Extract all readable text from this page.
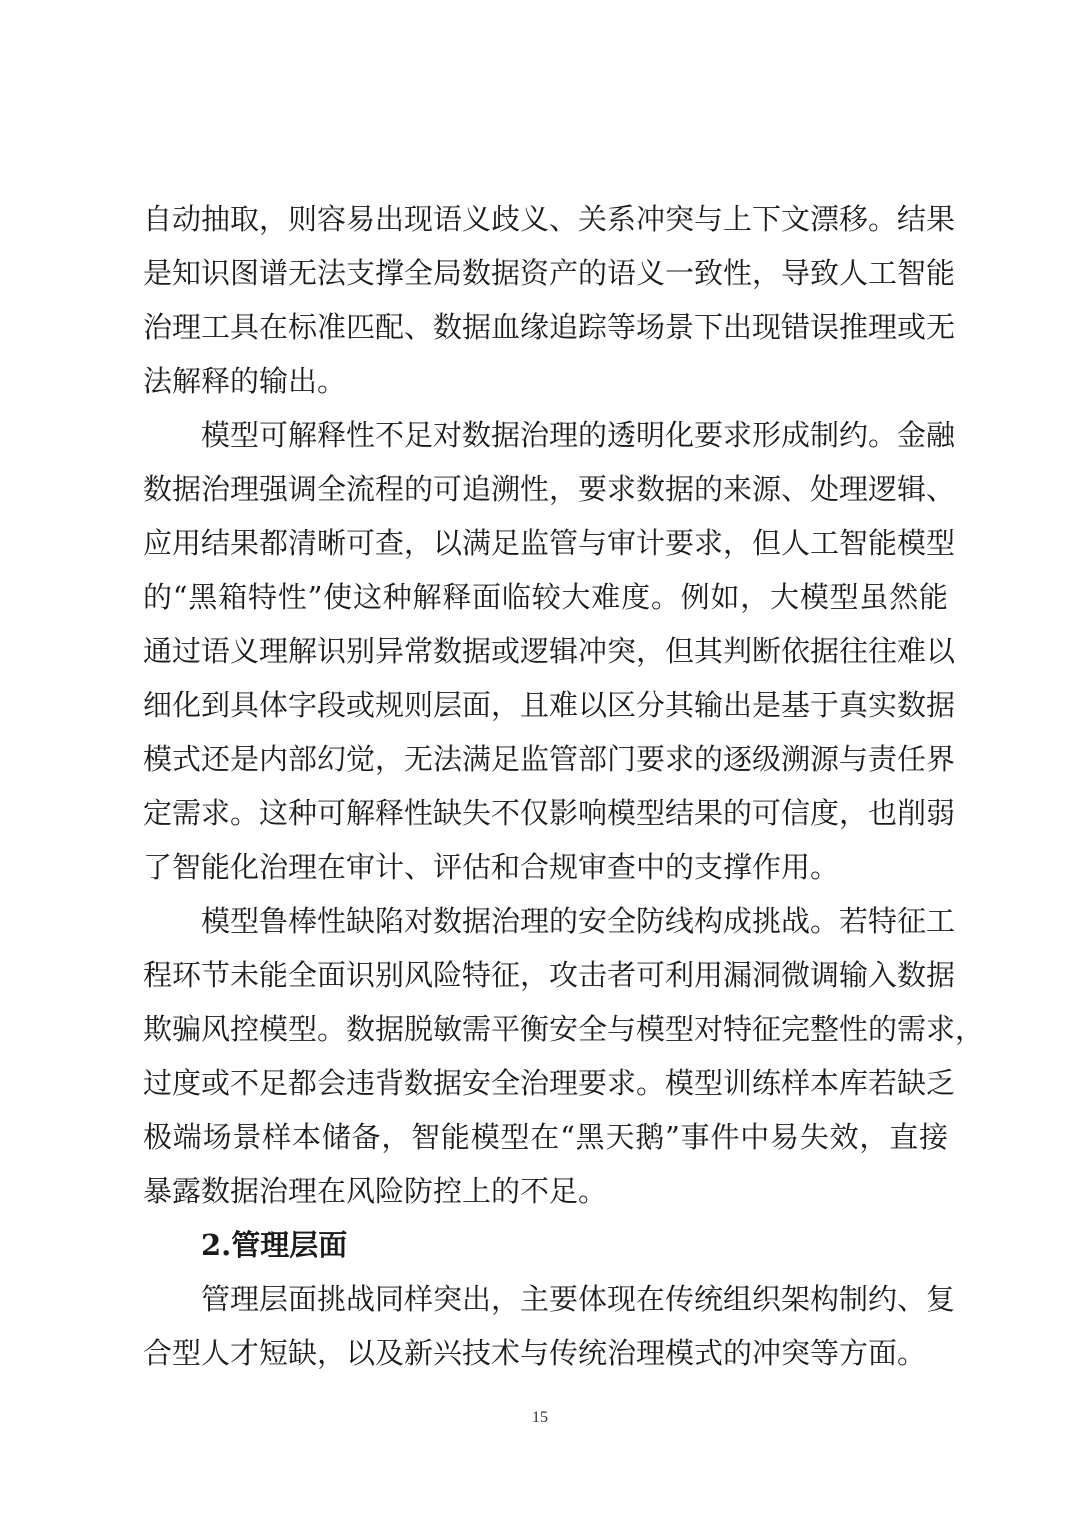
自动抽取，则容易出现语义歧义、关系冲突与上下文漂移。结果
是知识图谱无法支撑全局数据资产的语义一致性，导致人工智能
治理工具在标准匹配、数据血缘追踪等场景下出现错误推理或无
法解释的输出。
模型可解释性不足对数据治理的透明化要求形成制约。金融
数据治理强调全流程的可追溯性，要求数据的来源、处理逻辑、
应用结果都清晰可查，以满足监管与审计要求，但人工智能模型
的“黑箱特性”使这种解释面临较大难度。例如，大模型虽然能
通过语义理解识别异常数据或逻辑冲突，但其判断依据往往难以
细化到具体字段或规则层面，且难以区分其输出是基于真实数据
模式还是内部幻觉，无法满足监管部门要求的逐级溯源与责任界
定需求。这种可解释性缺失不仅影响模型结果的可信度，也削弱
了智能化治理在审计、评估和合规审查中的支撑作用。
模型鲁棒性缺陷对数据治理的安全防线构成挑战。若特征工
程环节未能全面识别风险特征，攻击者可利用漏洞微调输入数据
欺骗风控模型。数据脱敏需平衡安全与模型对特征完整性的需求，
过度或不足都会违背数据安全治理要求。模型训练样本库若缺乏
极端场景样本储备，智能模型在“黑天鹅”事件中易失效，直接
暴露数据治理在风险防控上的不足。
2.管理层面
管理层面挑战同样突出，主要体现在传统组织架构制约、复
合型人才短缺，以及新兴技术与传统治理模式的冲突等方面。
15
